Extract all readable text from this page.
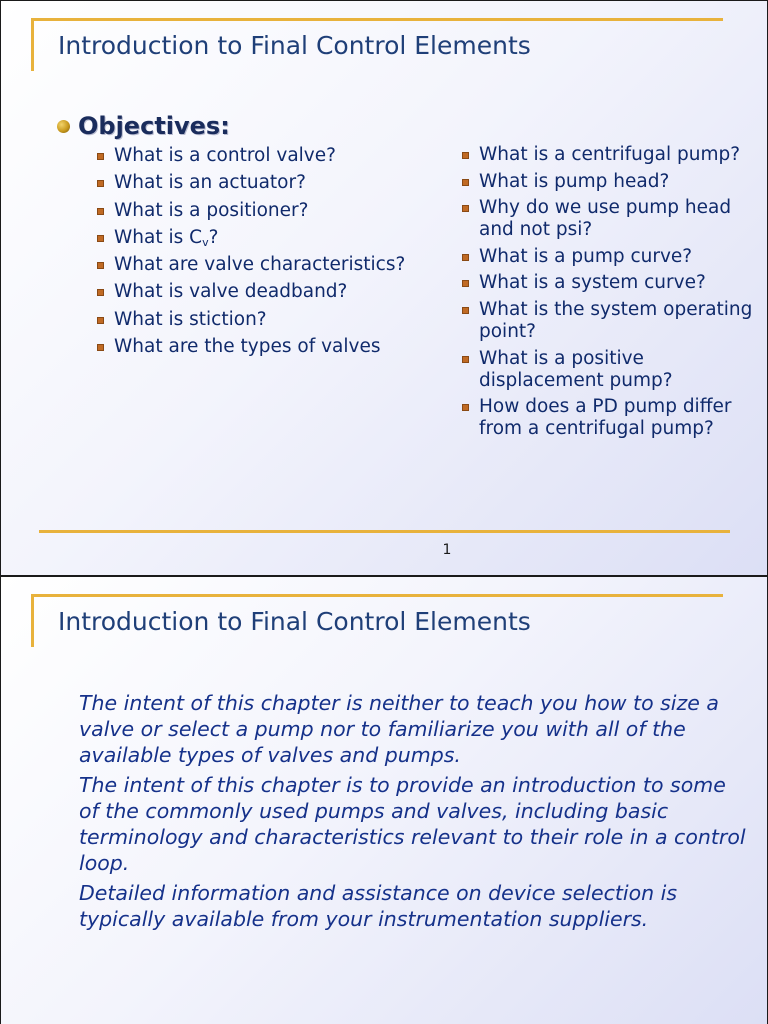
Introduction to Final Control Elements
Objectives:
What is a control valve?
What is an actuator?
What is a positioner?
What is $C_v$?
What are valve characteristics?
What is valve deadband?
What is stiction?
What are the types of valves
What is a centrifugal pump?
What is pump head?
Why do we use pump head and not psi?
What is a pump curve?
What is a system curve?
What is the system operating point?
What is a positive displacement pump?
How does a PD pump differ from a centrifugal pump?
1
Introduction to Final Control Elements

The intent of this chapter is neither to teach you how to size a valve or select a pump nor to familiarize you with all of the available types of valves and pumps.

The intent of this chapter is to provide an introduction to some of the commonly used pumps and valves, including basic terminology and characteristics relevant to their role in a control loop.

Detailed information and assistance on device selection is typically available from your instrumentation suppliers.
